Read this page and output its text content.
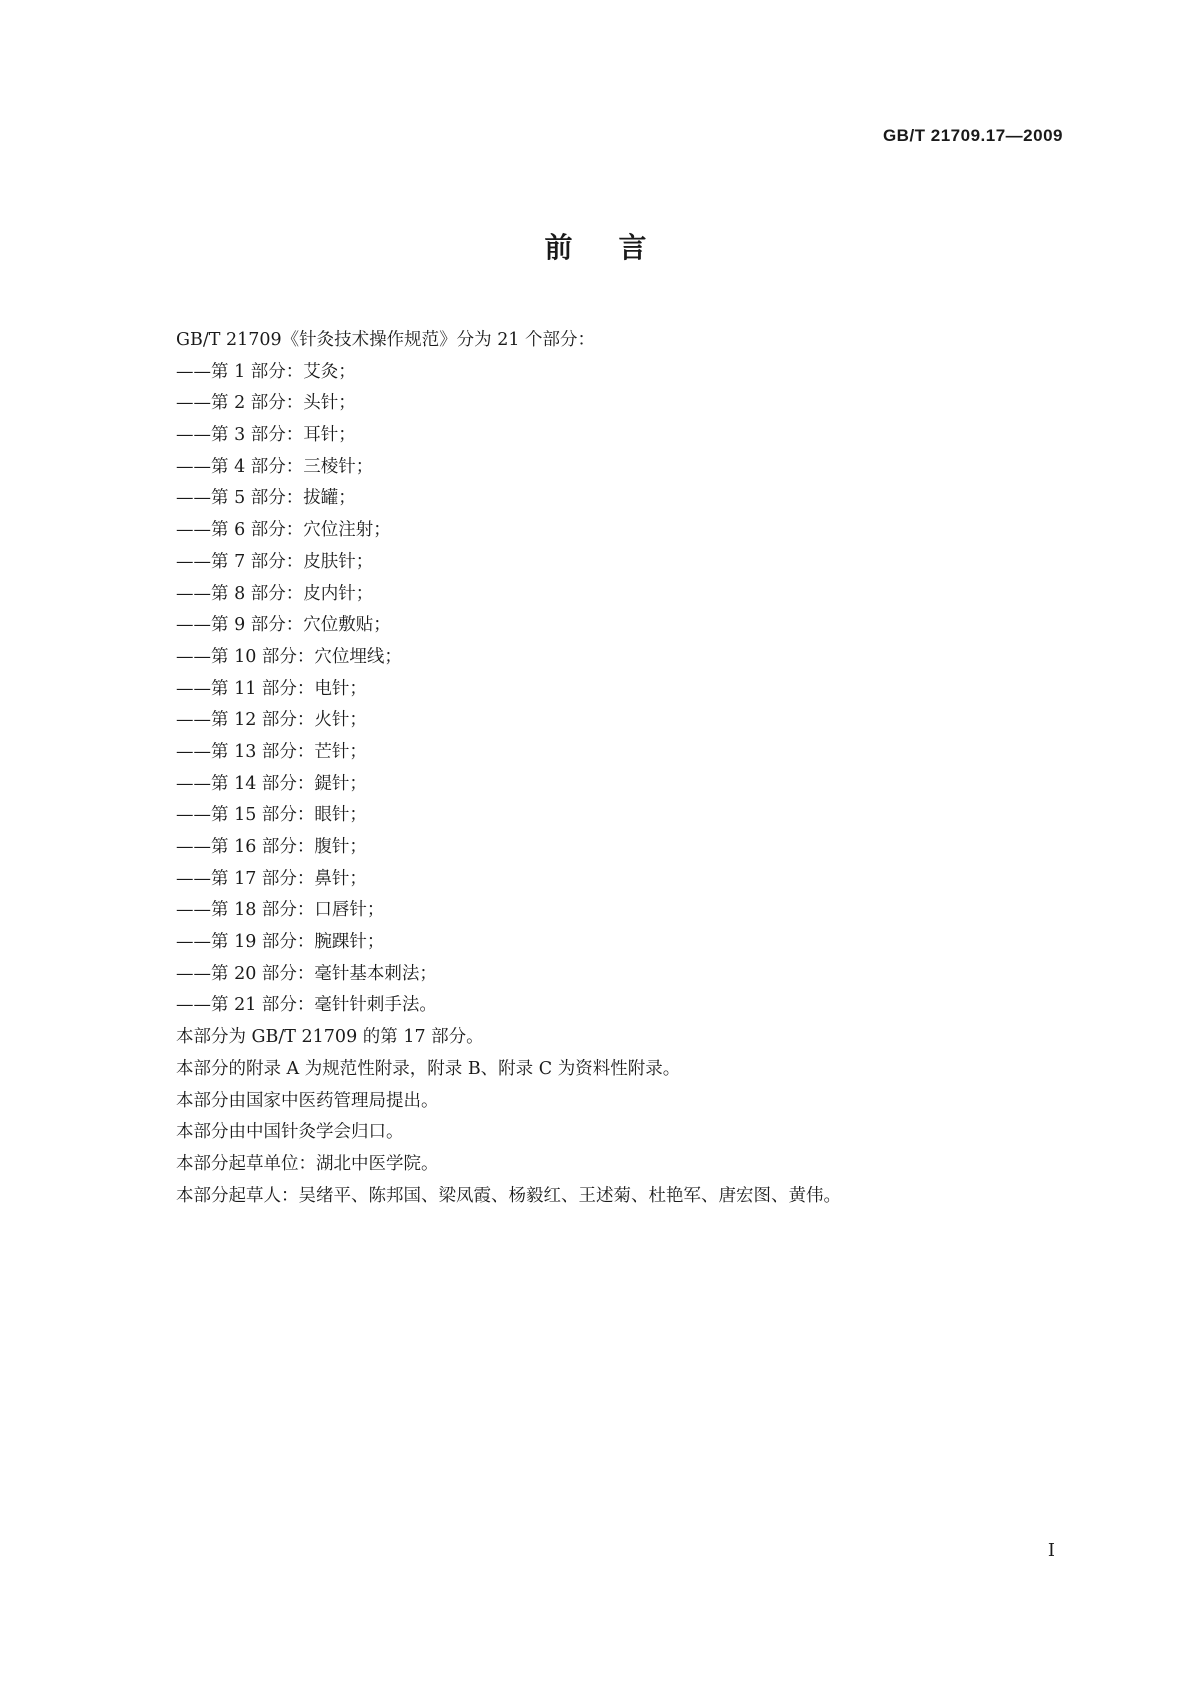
GB/T 21709.17—2009
前言
GB/T 21709《针灸技术操作规范》分为 21 个部分：
——第 1 部分：艾灸；
——第 2 部分：头针；
——第 3 部分：耳针；
——第 4 部分：三棱针；
——第 5 部分：拔罐；
——第 6 部分：穴位注射；
——第 7 部分：皮肤针；
——第 8 部分：皮内针；
——第 9 部分：穴位敷贴；
——第 10 部分：穴位埋线；
——第 11 部分：电针；
——第 12 部分：火针；
——第 13 部分：芒针；
——第 14 部分：鍉针；
——第 15 部分：眼针；
——第 16 部分：腹针；
——第 17 部分：鼻针；
——第 18 部分：口唇针；
——第 19 部分：腕踝针；
——第 20 部分：毫针基本刺法；
——第 21 部分：毫针针刺手法。
本部分为 GB/T 21709 的第 17 部分。
本部分的附录 A 为规范性附录，附录 B、附录 C 为资料性附录。
本部分由国家中医药管理局提出。
本部分由中国针灸学会归口。
本部分起草单位：湖北中医学院。
本部分起草人：吴绪平、陈邦国、梁凤霞、杨毅红、王述菊、杜艳军、唐宏图、黄伟。
I
